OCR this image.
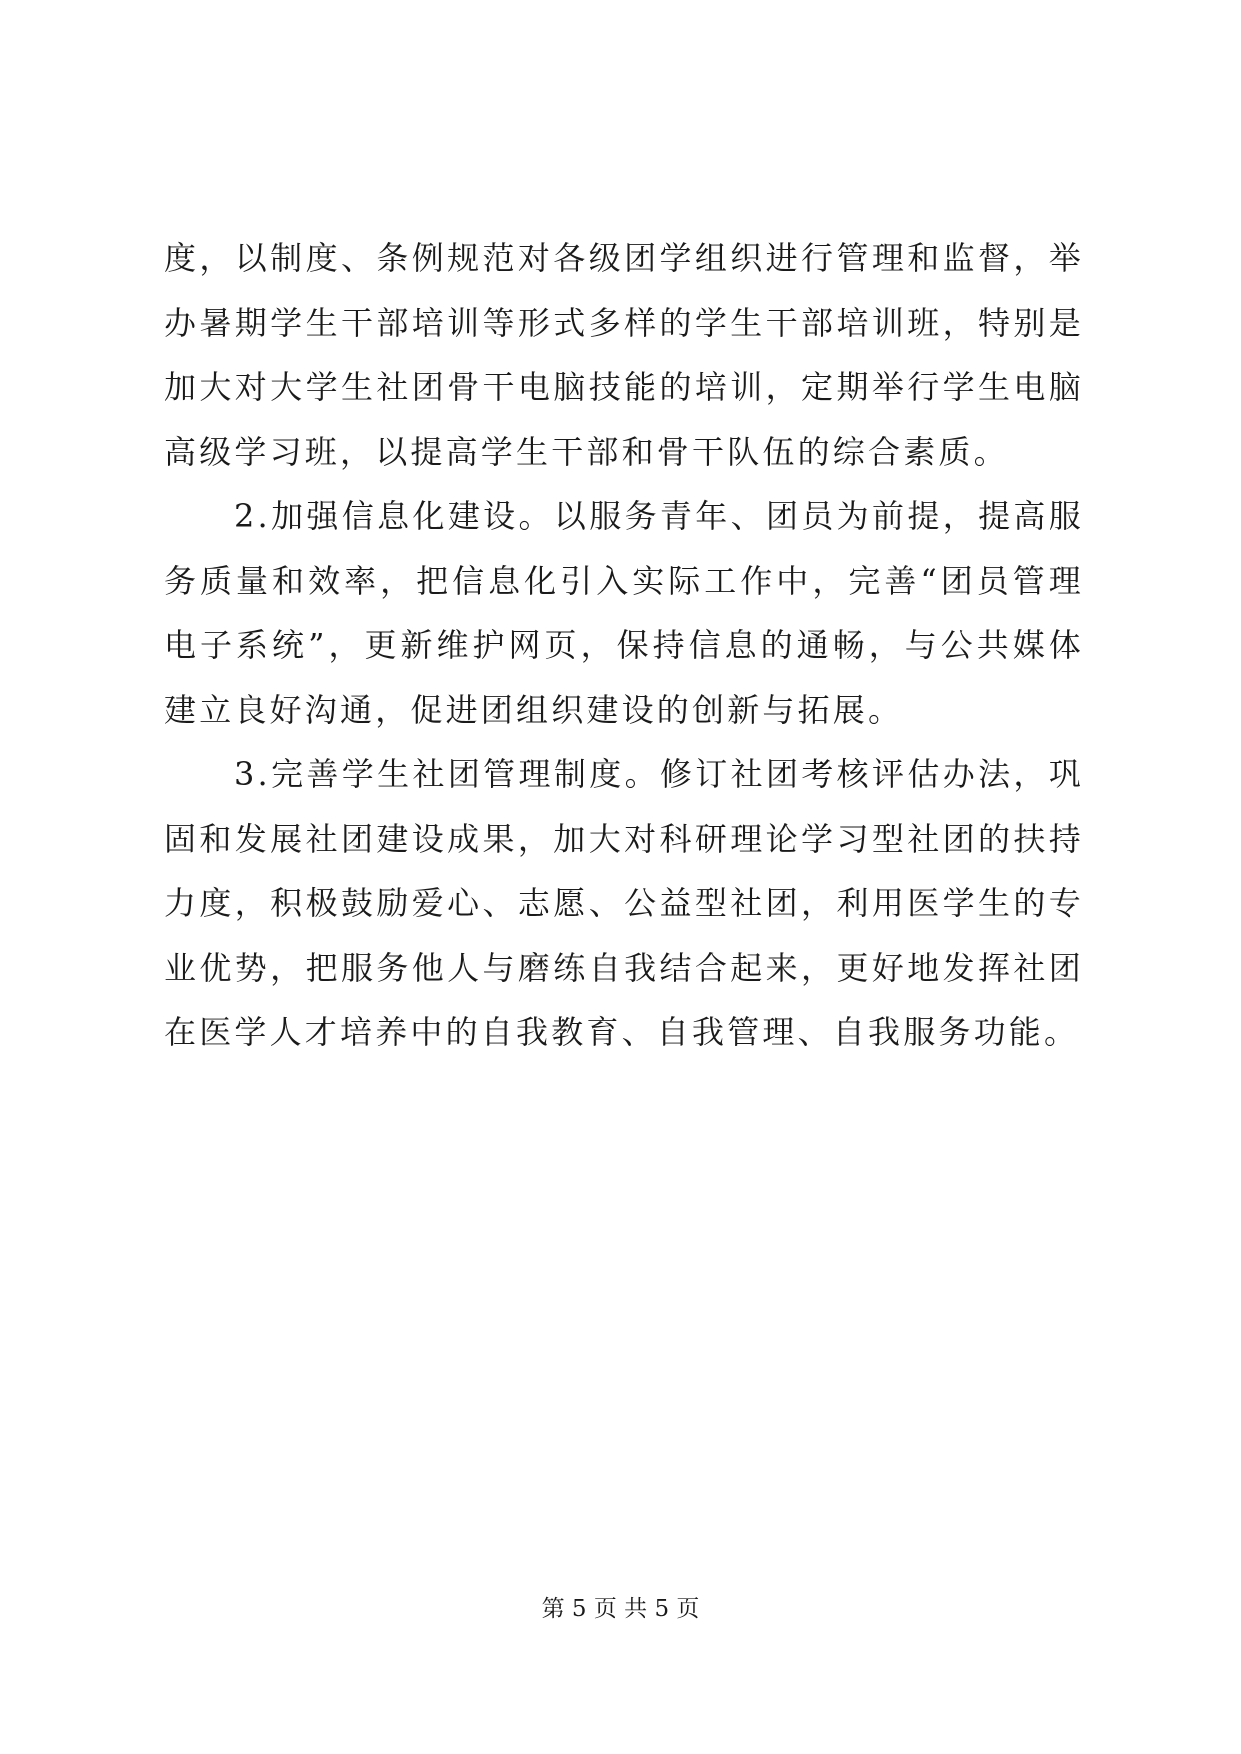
度，以制度、条例规范对各级团学组织进行管理和监督，举办暑期学生干部培训等形式多样的学生干部培训班，特别是加大对大学生社团骨干电脑技能的培训，定期举行学生电脑高级学习班，以提高学生干部和骨干队伍的综合素质。

2.加强信息化建设。以服务青年、团员为前提，提高服务质量和效率，把信息化引入实际工作中，完善“团员管理电子系统”，更新维护网页，保持信息的通畅，与公共媒体建立良好沟通，促进团组织建设的创新与拓展。

3.完善学生社团管理制度。修订社团考核评估办法，巩固和发展社团建设成果，加大对科研理论学习型社团的扶持力度，积极鼓励爱心、志愿、公益型社团，利用医学生的专业优势，把服务他人与磨练自我结合起来，更好地发挥社团在医学人才培养中的自我教育、自我管理、自我服务功能。

第 5 页 共 5 页
